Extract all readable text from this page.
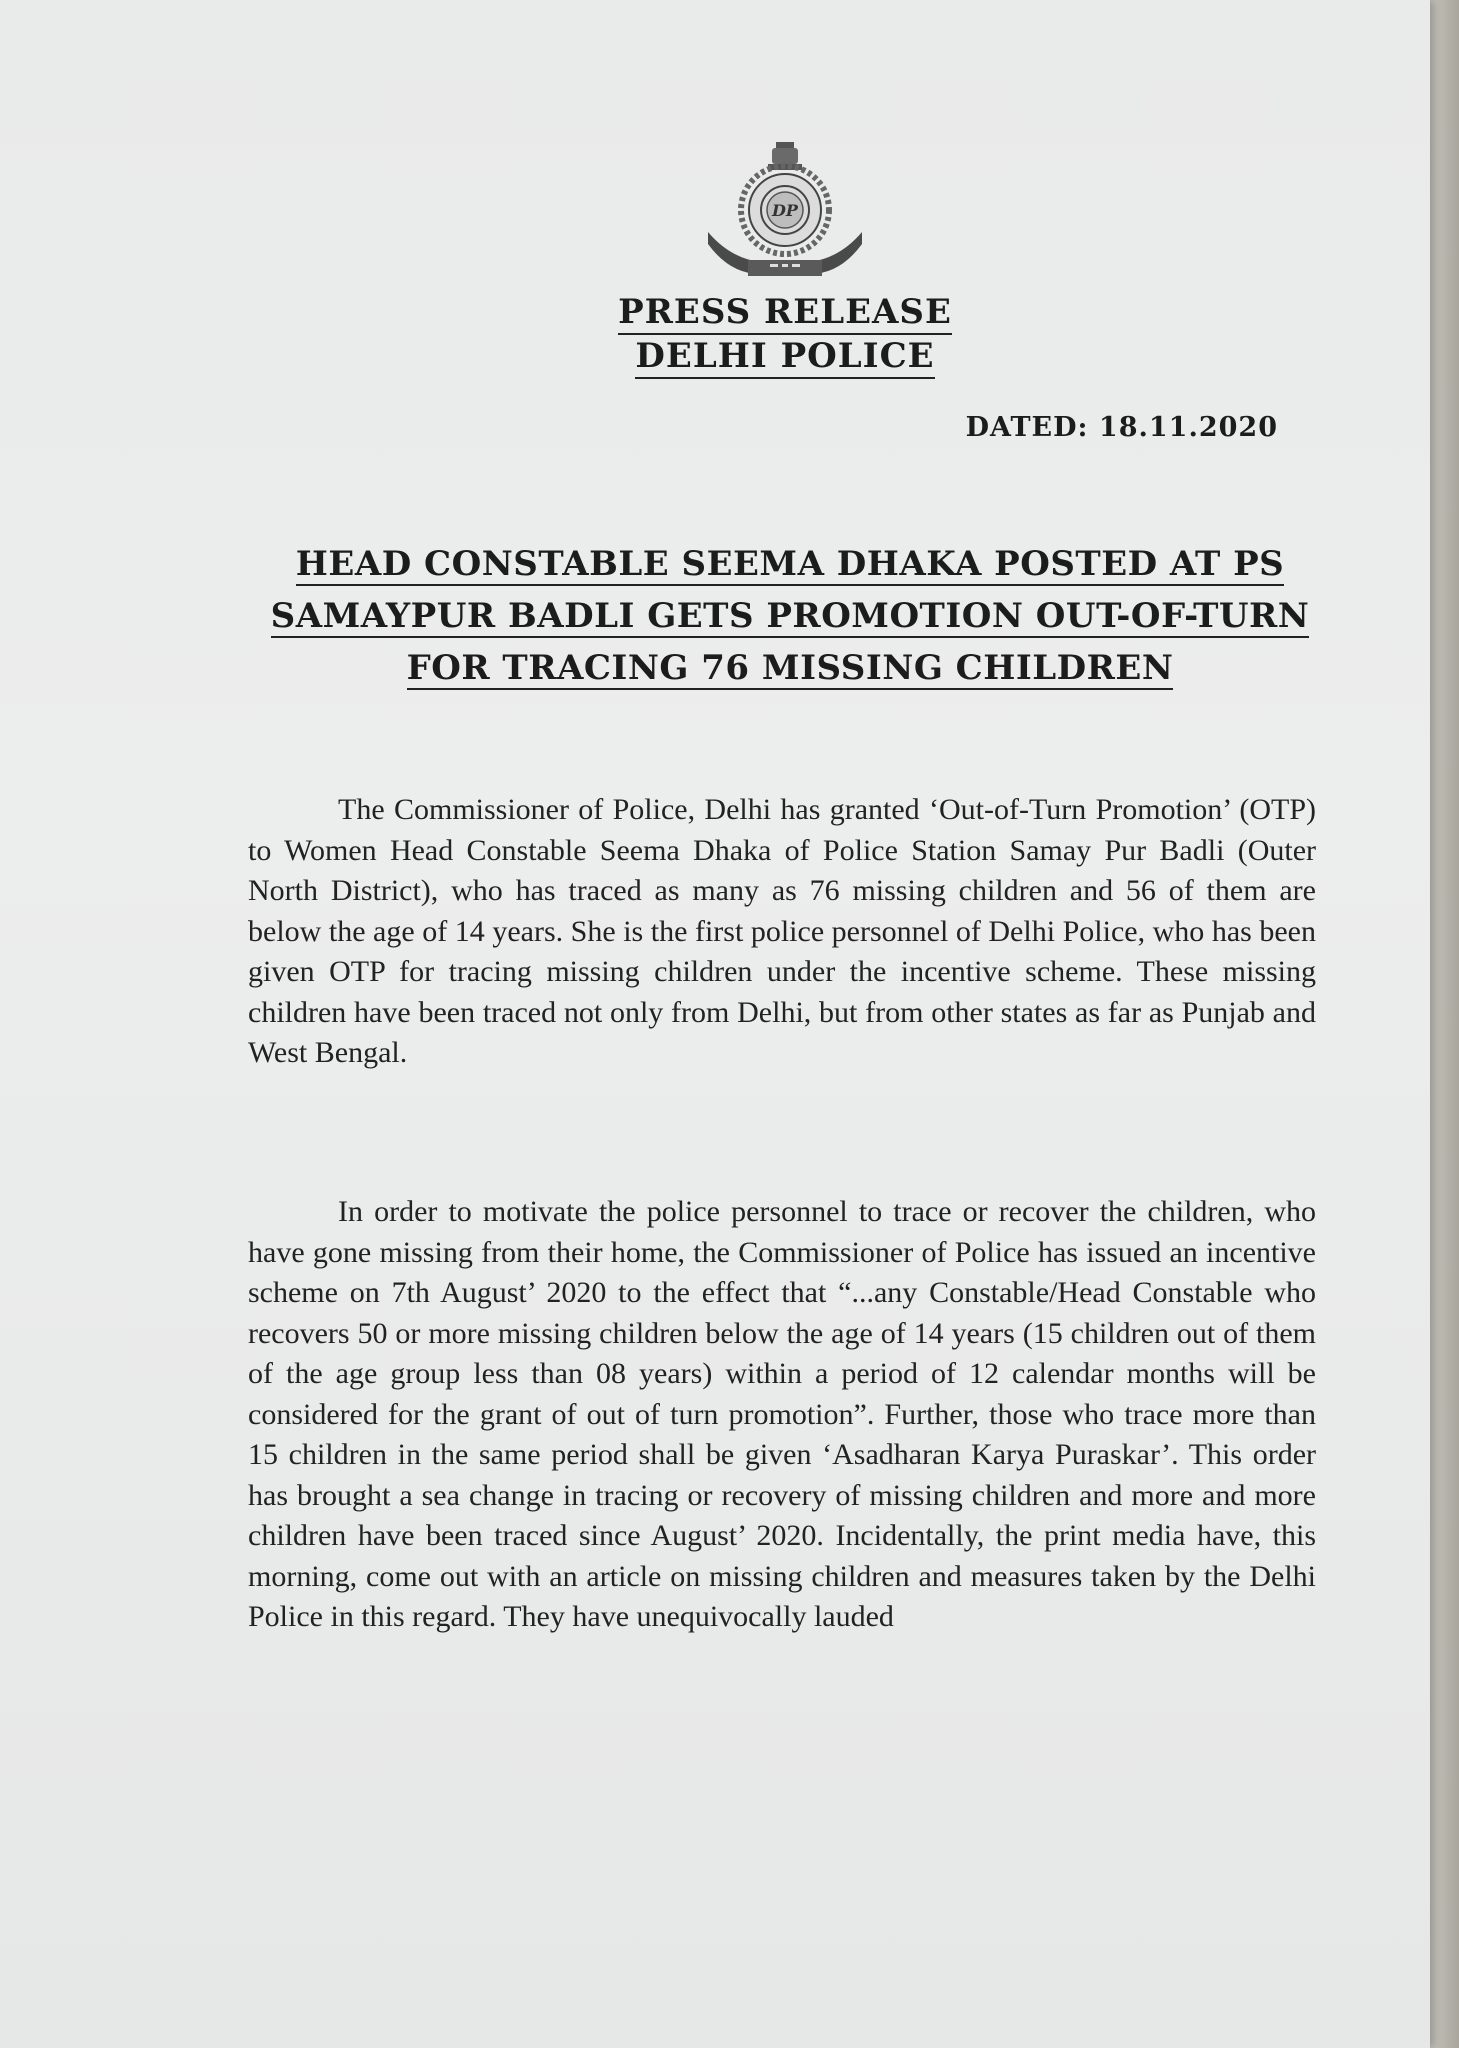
DP
PRESS RELEASE
DELHI POLICE
DATED: 18.11.2020
HEAD CONSTABLE SEEMA DHAKA POSTED AT PS SAMAYPUR BADLI GETS PROMOTION OUT-OF-TURN FOR TRACING 76 MISSING CHILDREN

The Commissioner of Police, Delhi has granted ‘Out-of-Turn Promotion’ (OTP) to Women Head Constable Seema Dhaka of Police Station Samay Pur Badli (Outer North District), who has traced as many as 76 missing children and 56 of them are below the age of 14 years. She is the first police personnel of Delhi Police, who has been given OTP for tracing missing children under the incentive scheme. These missing children have been traced not only from Delhi, but from other states as far as Punjab and West Bengal.

In order to motivate the police personnel to trace or recover the children, who have gone missing from their home, the Commissioner of Police has issued an incentive scheme on 7th August’ 2020 to the effect that “...any Constable/Head Constable who recovers 50 or more missing children below the age of 14 years (15 children out of them of the age group less than 08 years) within a period of 12 calendar months will be considered for the grant of out of turn promotion”. Further, those who trace more than 15 children in the same period shall be given ‘Asadharan Karya Puraskar’. This order has brought a sea change in tracing or recovery of missing children and more and more children have been traced since August’ 2020. Incidentally, the print media have, this morning, come out with an article on missing children and measures taken by the Delhi Police in this regard. They have unequivocally lauded
